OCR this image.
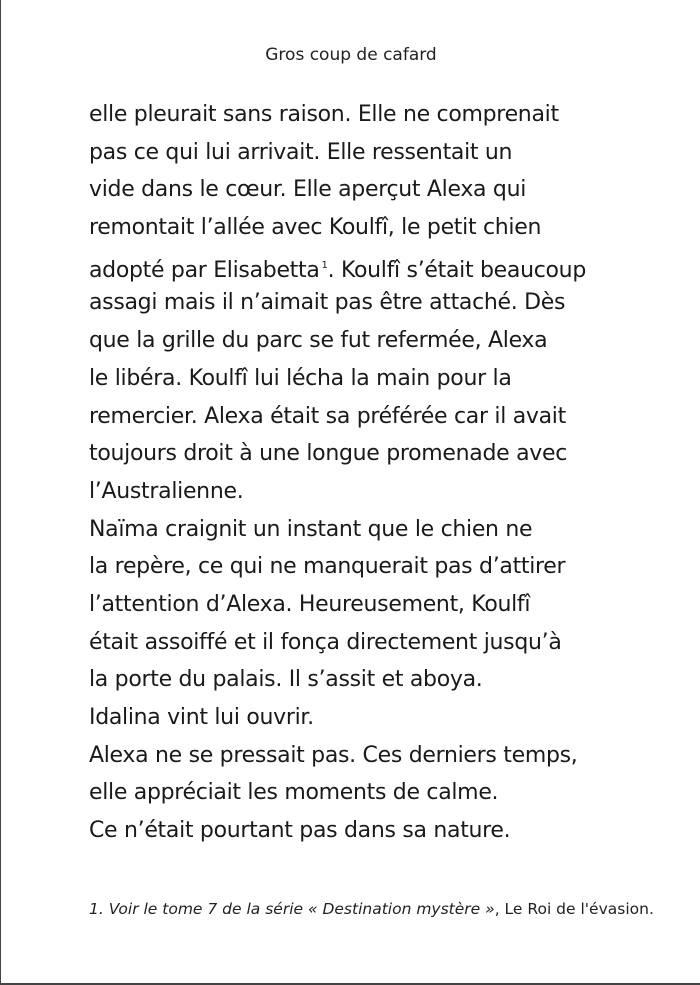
Gros coup de cafard
elle pleurait sans raison. Elle ne comprenait
pas ce qui lui arrivait. Elle ressentait un
vide dans le cœur. Elle aperçut Alexa qui
remontait l’allée avec Koulfî, le petit chien
adopté par Elisabetta $^1$. Koulfî s’était beaucoup
assagi mais il n’aimait pas être attaché. Dès
que la grille du parc se fut refermée, Alexa
le libéra. Koulfî lui lécha la main pour la
remercier. Alexa était sa préférée car il avait
toujours droit à une longue promenade avec
l’Australienne.
Naïma craignit un instant que le chien ne
la repère, ce qui ne manquerait pas d’attirer
l’attention d’Alexa. Heureusement, Koulfî
était assoiffé et il fonça directement jusqu’à
la porte du palais. Il s’assit et aboya.
Idalina vint lui ouvrir.
Alexa ne se pressait pas. Ces derniers temps,
elle appréciait les moments de calme.
Ce n’était pourtant pas dans sa nature.
1. Voir le tome 7 de la série « Destination mystère », Le Roi de l'évasion.
